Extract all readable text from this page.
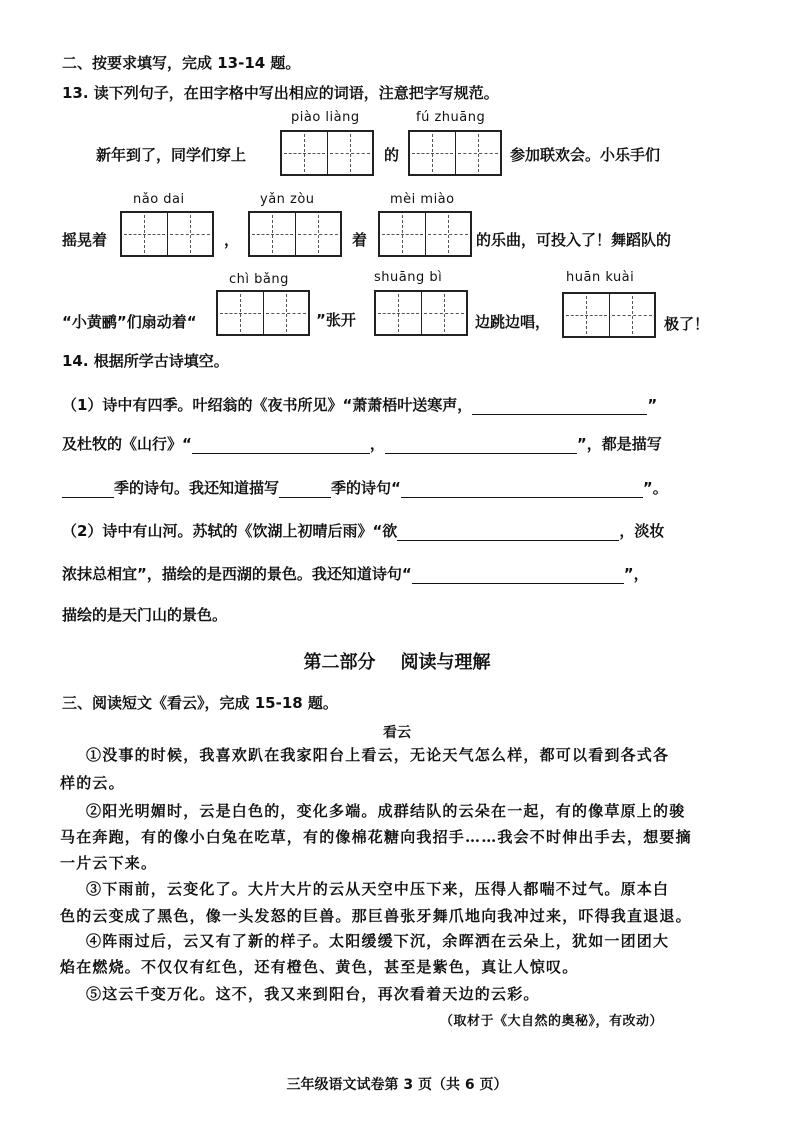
二、按要求填写，完成 13-14 题。
13. 读下列句子，在田字格中写出相应的词语，注意把字写规范。
piào liàng	fú zhuāng
新年到了，同学们穿上	的	参加联欢会。小乐手们
nǎo dai	yǎn zòu	mèi miào
摇晃着	，	着	的乐曲，可投入了！舞蹈队的
chì bǎng	shuāng bì	huān kuài
“小黄鹂”们扇动着“	”张开	边跳边唱，	极了！
14. 根据所学古诗填空。
（1）诗中有四季。叶绍翁的《夜书所见》“萧萧梧叶送寒声，	”
及杜牧的《山行》“	，	”，都是描写
季的诗句。我还知道描写	季的诗句“	”。
（2）诗中有山河。苏轼的《饮湖上初晴后雨》“欲	，淡妆
浓抹总相宜”，描绘的是西湖的景色。我还知道诗句“	”，
描绘的是天门山的景色。
第二部分    阅读与理解
三、阅读短文《看云》，完成 15-18 题。
看云
①没事的时候，我喜欢趴在我家阳台上看云，无论天气怎么样，都可以看到各式各
样的云。
②阳光明媚时，云是白色的，变化多端。成群结队的云朵在一起，有的像草原上的骏
马在奔跑，有的像小白兔在吃草，有的像棉花糖向我招手……我会不时伸出手去，想要摘
一片云下来。
③下雨前，云变化了。大片大片的云从天空中压下来，压得人都喘不过气。原本白
色的云变成了黑色，像一头发怒的巨兽。那巨兽张牙舞爪地向我冲过来，吓得我直退退。
④阵雨过后，云又有了新的样子。太阳缓缓下沉，余晖洒在云朵上，犹如一团团大
焰在燃烧。不仅仅有红色，还有橙色、黄色，甚至是紫色，真让人惊叹。
⑤这云千变万化。这不，我又来到阳台，再次看着天边的云彩。
（取材于《大自然的奥秘》，有改动）
三年级语文试卷第 3 页（共 6 页）
